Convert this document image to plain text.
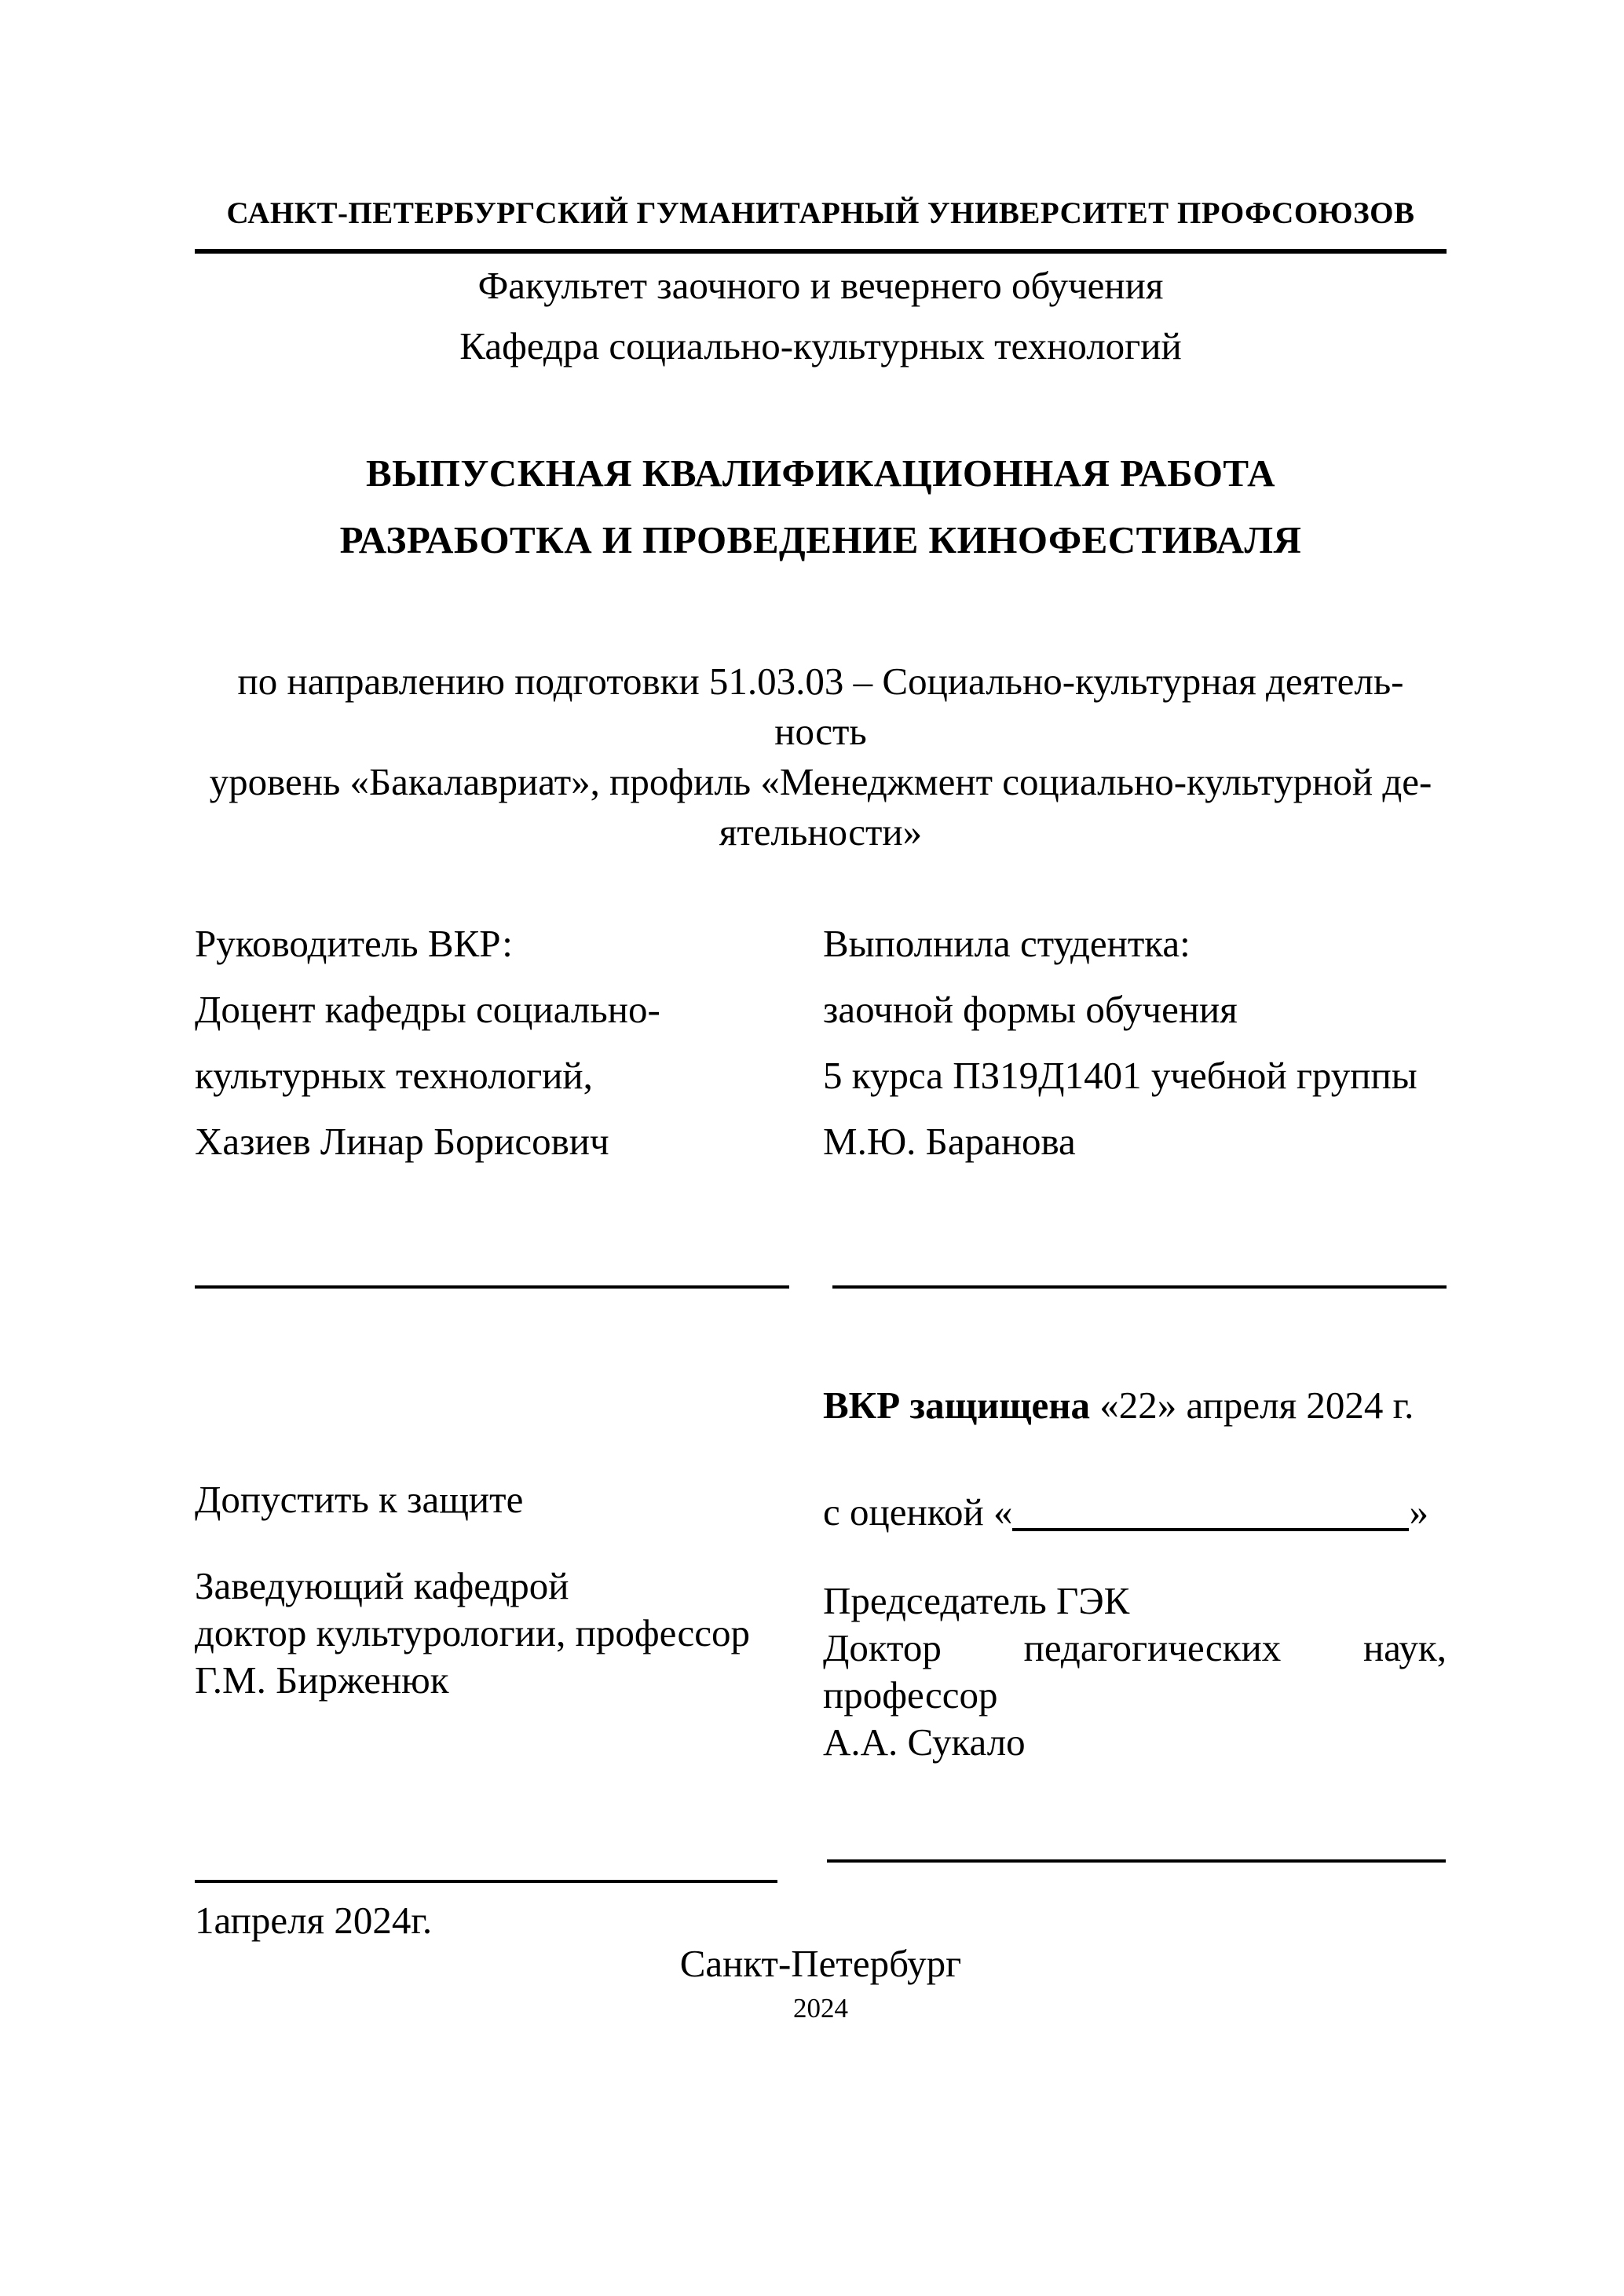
САНКТ-ПЕТЕРБУРГСКИЙ ГУМАНИТАРНЫЙ УНИВЕРСИТЕТ ПРОФСОЮЗОВ
Факультет заочного и вечернего обучения
Кафедра социально-культурных технологий
ВЫПУСКНАЯ КВАЛИФИКАЦИОННАЯ РАБОТА
РАЗРАБОТКА И ПРОВЕДЕНИЕ КИНОФЕСТИВАЛЯ
по направлению подготовки 51.03.03 – Социально-культурная деятель-
ность
уровень «Бакалавриат», профиль «Менеджмент социально-культурной де-
ятельности»
Руководитель ВКР:
Доцент кафедры социально-
культурных технологий,
Хазиев Линар Борисович
Выполнила студентка:
заочной формы обучения
5 курса ПЗ19Д1401 учебной группы
М.Ю. Баранова
ВКР защищена «22» апреля 2024 г.
Допустить к защите	с оценкой «	»
Заведующий кафедрой
доктор культурологии, профессор
Г.М. Бирженюк
Председатель ГЭК
Доктор педагогических наук,
профессор
А.А. Сукало
1апреля 2024г.
Санкт-Петербург
2024
